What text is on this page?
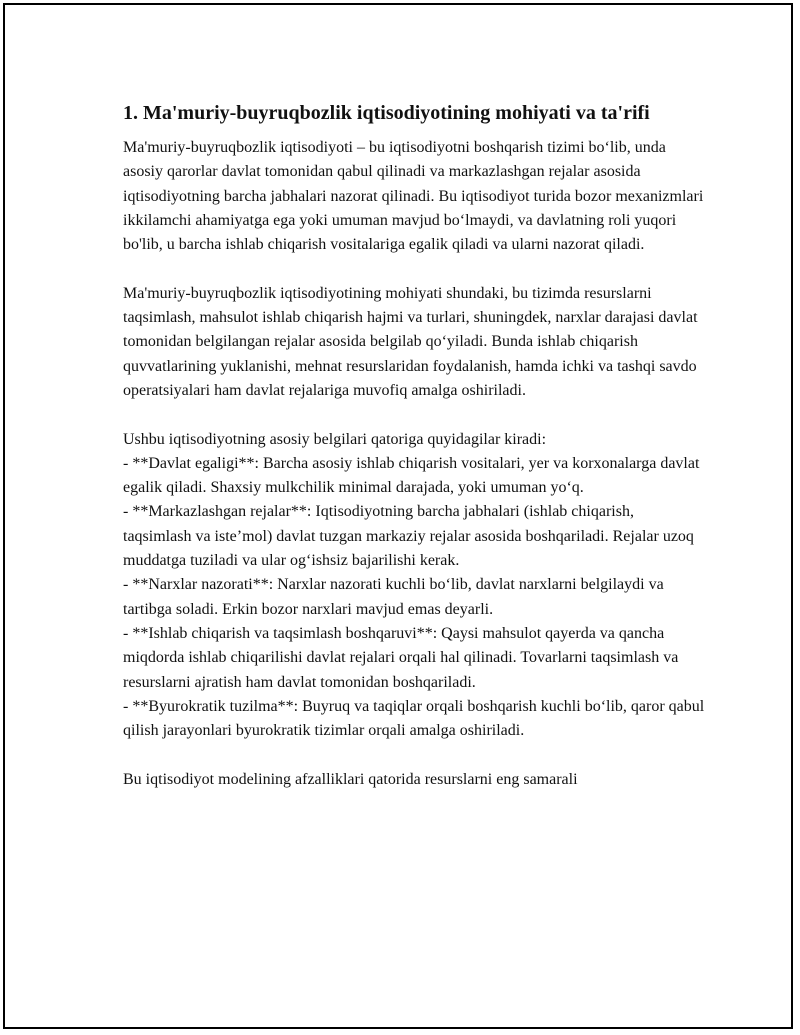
1. Ma'muriy-buyruqbozlik iqtisodiyotining mohiyati va ta'rifi

Ma'muriy-buyruqbozlik iqtisodiyoti – bu iqtisodiyotni boshqarish tizimi bo‘lib, unda asosiy qarorlar davlat tomonidan qabul qilinadi va markazlashgan rejalar asosida iqtisodiyotning barcha jabhalari nazorat qilinadi. Bu iqtisodiyot turida bozor mexanizmlari ikkilamchi ahamiyatga ega yoki umuman mavjud bo‘lmaydi, va davlatning roli yuqori bo'lib, u barcha ishlab chiqarish vositalariga egalik qiladi va ularni nazorat qiladi.

Ma'muriy-buyruqbozlik iqtisodiyotining mohiyati shundaki, bu tizimda resurslarni taqsimlash, mahsulot ishlab chiqarish hajmi va turlari, shuningdek, narxlar darajasi davlat tomonidan belgilangan rejalar asosida belgilab qo‘yiladi. Bunda ishlab chiqarish quvvatlarining yuklanishi, mehnat resurslaridan foydalanish, hamda ichki va tashqi savdo operatsiyalari ham davlat rejalariga muvofiq amalga oshiriladi.

Ushbu iqtisodiyotning asosiy belgilari qatoriga quyidagilar kiradi:

- **Davlat egaligi**: Barcha asosiy ishlab chiqarish vositalari, yer va korxonalarga davlat egalik qiladi. Shaxsiy mulkchilik minimal darajada, yoki umuman yo‘q.

- **Markazlashgan rejalar**: Iqtisodiyotning barcha jabhalari (ishlab chiqarish, taqsimlash va iste’mol) davlat tuzgan markaziy rejalar asosida boshqariladi. Rejalar uzoq muddatga tuziladi va ular og‘ishsiz bajarilishi kerak.

- **Narxlar nazorati**: Narxlar nazorati kuchli bo‘lib, davlat narxlarni belgilaydi va tartibga soladi. Erkin bozor narxlari mavjud emas deyarli.

- **Ishlab chiqarish va taqsimlash boshqaruvi**: Qaysi mahsulot qayerda va qancha miqdorda ishlab chiqarilishi davlat rejalari orqali hal qilinadi. Tovarlarni taqsimlash va resurslarni ajratish ham davlat tomonidan boshqariladi.

- **Byurokratik tuzilma**: Buyruq va taqiqlar orqali boshqarish kuchli bo‘lib, qaror qabul qilish jarayonlari byurokratik tizimlar orqali amalga oshiriladi.

Bu iqtisodiyot modelining afzalliklari qatorida resurslarni eng samarali
